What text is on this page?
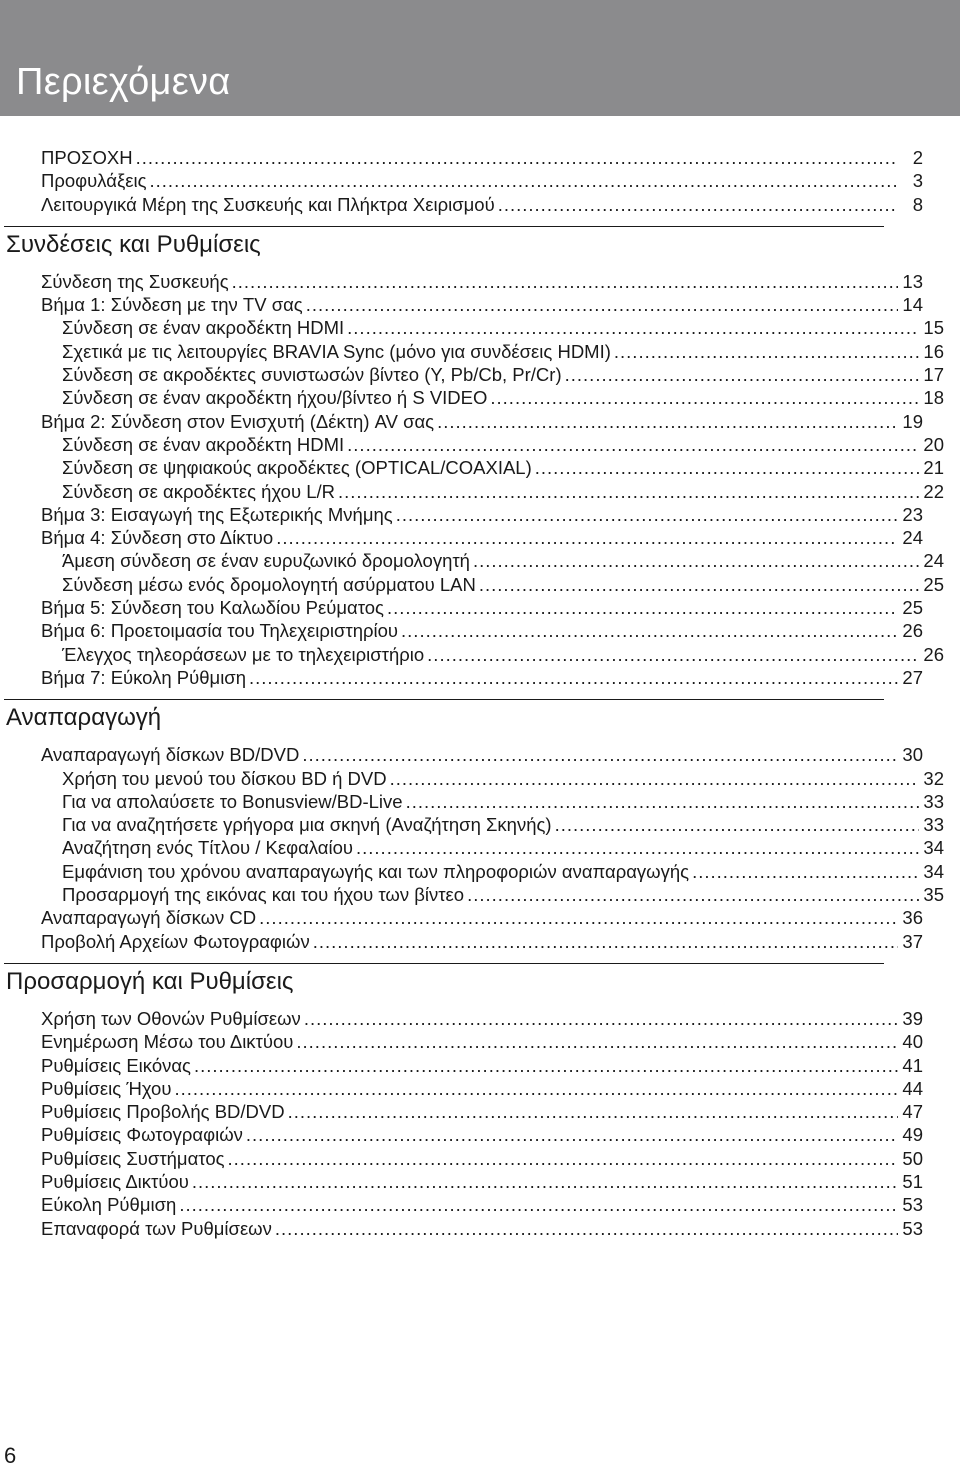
Περιεχόμενα
ΠΡΟΣΟΧΗ .....	2
Προφυλάξεις .....	3
Λειτουργικά Μέρη της Συσκευής και Πλήκτρα Χειρισμού .....	8
Συνδέσεις και Ρυθμίσεις
Σύνδεση της Συσκευής .....	13
Βήμα 1: Σύνδεση με την TV σας .....	14
Σύνδεση σε έναν ακροδέκτη HDMI .....	15
Σχετικά με τις λειτουργίες BRAVIA Sync (μόνο για συνδέσεις HDMI) .....	16
Σύνδεση σε ακροδέκτες συνιστωσών βίντεο (Y, Pb/Cb, Pr/Cr) .....	17
Σύνδεση σε έναν ακροδέκτη ήχου/βίντεο ή S VIDEO .....	18
Βήμα 2: Σύνδεση στον Ενισχυτή (Δέκτη) AV σας .....	19
Σύνδεση σε έναν ακροδέκτη HDMI .....	20
Σύνδεση σε ψηφιακούς ακροδέκτες (OPTICAL/COAXIAL) .....	21
Σύνδεση σε ακροδέκτες ήχου L/R .....	22
Βήμα 3: Εισαγωγή της Εξωτερικής Μνήμης .....	23
Βήμα 4: Σύνδεση στο Δίκτυο .....	24
Άμεση σύνδεση σε έναν ευρυζωνικό δρομολογητή .....	24
Σύνδεση μέσω ενός δρομολογητή ασύρματου LAN .....	25
Βήμα 5: Σύνδεση του Καλωδίου Ρεύματος .....	25
Βήμα 6: Προετοιμασία του Τηλεχειριστηρίου .....	26
Έλεγχος τηλεοράσεων με το τηλεχειριστήριο .....	26
Βήμα 7: Εύκολη Ρύθμιση .....	27
Αναπαραγωγή
Αναπαραγωγή δίσκων BD/DVD .....	30
Χρήση του μενού του δίσκου BD ή DVD .....	32
Για να απολαύσετε το Bonusview/BD-Live .....	33
Για να αναζητήσετε γρήγορα μια σκηνή (Αναζήτηση Σκηνής) .....	33
Αναζήτηση ενός Τίτλου / Κεφαλαίου .....	34
Εμφάνιση του χρόνου αναπαραγωγής και των πληροφοριών αναπαραγωγής .....	34
Προσαρμογή της εικόνας και του ήχου των βίντεο .....	35
Αναπαραγωγή δίσκων CD .....	36
Προβολή Αρχείων Φωτογραφιών .....	37
Προσαρμογή και Ρυθμίσεις
Χρήση των Οθονών Ρυθμίσεων .....	39
Ενημέρωση Μέσω του Δικτύου .....	40
Ρυθμίσεις Εικόνας .....	41
Ρυθμίσεις Ήχου .....	44
Ρυθμίσεις Προβολής BD/DVD .....	47
Ρυθμίσεις Φωτογραφιών .....	49
Ρυθμίσεις Συστήματος .....	50
Ρυθμίσεις Δικτύου .....	51
Εύκολη Ρύθμιση .....	53
Επαναφορά των Ρυθμίσεων .....	53
6
